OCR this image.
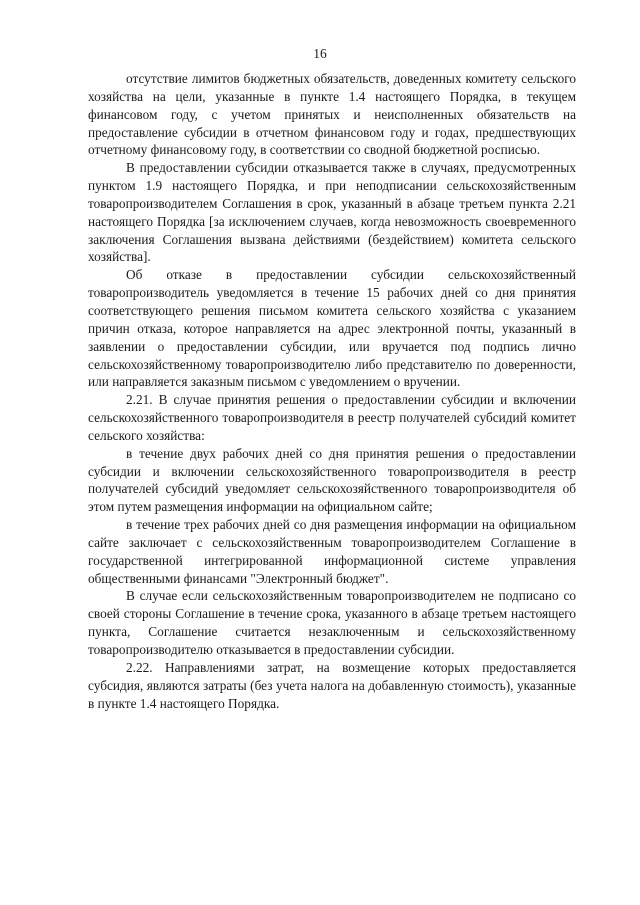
16

отсутствие лимитов бюджетных обязательств, доведенных комитету сельского хозяйства на цели, указанные в пункте 1.4 настоящего Порядка, в текущем финансовом году, с учетом принятых и неисполненных обязательств на предоставление субсидии в отчетном финансовом году и годах, предшествующих отчетному финансовому году, в соответствии со сводной бюджетной росписью.

В предоставлении субсидии отказывается также в случаях, предусмотренных пунктом 1.9 настоящего Порядка, и при неподписании сельскохозяйственным товаропроизводителем Соглашения в срок, указанный в абзаце третьем пункта 2.21 настоящего Порядка [за исключением случаев, когда невозможность своевременного заключения Соглашения вызвана действиями (бездействием) комитета сельского хозяйства].

Об отказе в предоставлении субсидии сельскохозяйственный товаропроизводитель уведомляется в течение 15 рабочих дней со дня принятия соответствующего решения письмом комитета сельского хозяйства с указанием причин отказа, которое направляется на адрес электронной почты, указанный в заявлении о предоставлении субсидии, или вручается под подпись лично сельскохозяйственному товаропроизводителю либо представителю по доверенности, или направляется заказным письмом с уведомлением о вручении.

2.21. В случае принятия решения о предоставлении субсидии и включении сельскохозяйственного товаропроизводителя в реестр получателей субсидий комитет сельского хозяйства:

в течение двух рабочих дней со дня принятия решения о предоставлении субсидии и включении сельскохозяйственного товаропроизводителя в реестр получателей субсидий уведомляет сельскохозяйственного товаропроизводителя об этом путем размещения информации на официальном сайте;

в течение трех рабочих дней со дня размещения информации на официальном сайте заключает с сельскохозяйственным товаропроизводителем Соглашение в государственной интегрированной информационной системе управления общественными финансами "Электронный бюджет".

В случае если сельскохозяйственным товаропроизводителем не подписано со своей стороны Соглашение в течение срока, указанного в абзаце третьем настоящего пункта, Соглашение считается незаключенным и сельскохозяйственному товаропроизводителю отказывается в предоставлении субсидии.

2.22. Направлениями затрат, на возмещение которых предоставляется субсидия, являются затраты (без учета налога на добавленную стоимость), указанные в пункте 1.4 настоящего Порядка.
